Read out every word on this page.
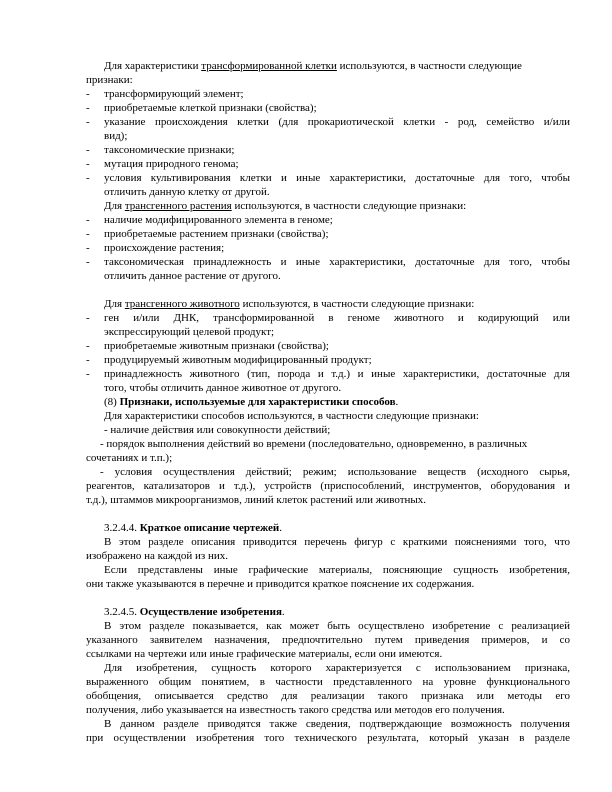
Для характеристики трансформированной клетки используются, в частности следующие
признаки:
- трансформирующий элемент;
- приобретаемые клеткой признаки (свойства);
- указание происхождения клетки (для прокариотической клетки - род, семейство и/или
вид);
- таксономические признаки;
- мутация природного генома;
- условия культивирования клетки и иные характеристики, достаточные для того, чтобы
отличить данную клетку от другой.
Для трансгенного растения используются, в частности следующие признаки:
- наличие модифицированного элемента в геноме;
- приобретаемые растением признаки (свойства);
- происхождение растения;
- таксономическая принадлежность и иные характеристики, достаточные для того, чтобы
отличить данное растение от другого.
Для трансгенного животного используются, в частности следующие признаки:
- ген и/или ДНК, трансформированной в геноме животного и кодирующий или
экспрессирующий целевой продукт;
- приобретаемые животным признаки (свойства);
- продуцируемый животным модифицированный продукт;
- принадлежность животного (тип, порода и т.д.) и иные характеристики, достаточные для
того, чтобы отличить данное животное от другого.
(8) Признаки, используемые для характеристики способов.
Для характеристики способов используются, в частности следующие признаки:
- наличие действия или совокупности действий;
- порядок выполнения действий во времени (последовательно, одновременно, в различных
сочетаниях и т.п.);
- условия осуществления действий; режим; использование веществ (исходного сырья,
реагентов, катализаторов и т.д.), устройств (приспособлений, инструментов, оборудования и
т.д.), штаммов микроорганизмов, линий клеток растений или животных.
3.2.4.4. Краткое описание чертежей.
В этом разделе описания приводится перечень фигур с краткими пояснениями того, что
изображено на каждой из них.
Если представлены иные графические материалы, поясняющие сущность изобретения,
они также указываются в перечне и приводится краткое пояснение их содержания.
3.2.4.5. Осуществление изобретения.
В этом разделе показывается, как может быть осуществлено изобретение с реализацией
указанного заявителем назначения, предпочтительно путем приведения примеров, и со
ссылками на чертежи или иные графические материалы, если они имеются.
Для изобретения, сущность которого характеризуется с использованием признака,
выраженного общим понятием, в частности представленного на уровне функционального
обобщения, описывается средство для реализации такого признака или методы его
получения, либо указывается на известность такого средства или методов его получения.
В данном разделе приводятся также сведения, подтверждающие возможность получения
при осуществлении изобретения того технического результата, который указан в разделе
